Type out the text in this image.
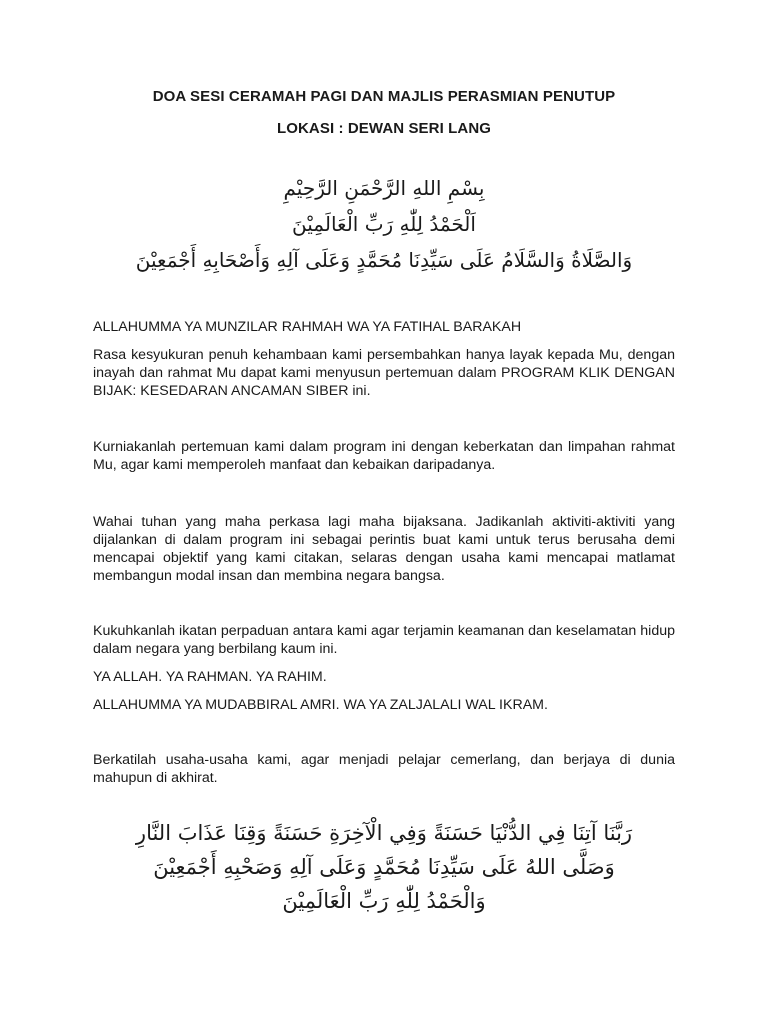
DOA SESI CERAMAH PAGI DAN MAJLIS PERASMIAN PENUTUP
LOKASI : DEWAN SERI LANG
بِسْمِ اللهِ الرَّحْمَنِ الرَّحِيْمِ
اَلْحَمْدُ لِلّٰهِ رَبِّ الْعَالَمِيْنَ
وَالصَّلَاةُ وَالسَّلَامُ عَلَى سَيِّدِنَا مُحَمَّدٍ وَعَلَى آلِهِ وَأَصْحَابِهِ أَجْمَعِيْنَ
ALLAHUMMA YA MUNZILAR RAHMAH WA YA FATIHAL BARAKAH
Rasa kesyukuran penuh kehambaan kami persembahkan hanya layak kepada Mu, dengan inayah dan rahmat Mu dapat kami menyusun pertemuan dalam PROGRAM KLIK DENGAN BIJAK: KESEDARAN ANCAMAN SIBER ini.
Kurniakanlah pertemuan kami dalam program ini dengan keberkatan dan limpahan rahmat Mu, agar kami memperoleh manfaat dan kebaikan daripadanya.
Wahai tuhan yang maha perkasa lagi maha bijaksana. Jadikanlah aktiviti-aktiviti yang dijalankan di dalam program ini sebagai perintis buat kami untuk terus berusaha demi mencapai objektif yang kami citakan, selaras dengan usaha kami mencapai matlamat membangun modal insan dan membina negara bangsa.
Kukuhkanlah ikatan perpaduan antara kami agar terjamin keamanan dan keselamatan hidup dalam negara yang berbilang kaum ini.
YA ALLAH. YA RAHMAN. YA RAHIM.
ALLAHUMMA YA MUDABBIRAL AMRI. WA YA ZALJALALI WAL IKRAM.
Berkatilah usaha-usaha kami, agar menjadi pelajar cemerlang, dan berjaya di dunia mahupun di akhirat.
رَبَّنَا آتِنَا فِي الدُّنْيَا حَسَنَةً وَفِي الْآخِرَةِ حَسَنَةً وَقِنَا عَذَابَ النَّارِ
وَصَلَّى اللهُ عَلَى سَيِّدِنَا مُحَمَّدٍ وَعَلَى آلِهِ وَصَحْبِهِ أَجْمَعِيْنَ
وَالْحَمْدُ لِلّٰهِ رَبِّ الْعَالَمِيْنَ
